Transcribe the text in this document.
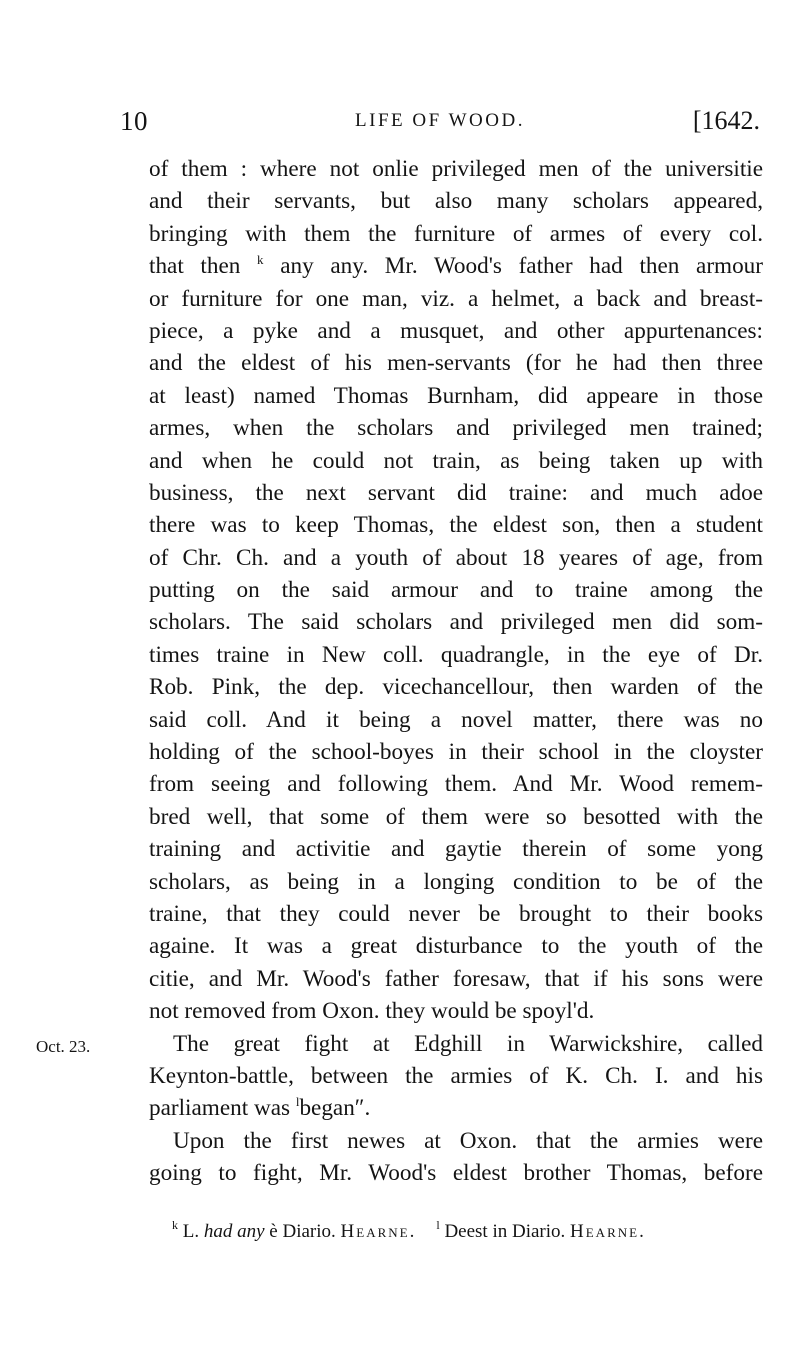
10	LIFE OF WOOD.	[1642.
of them : where not onlie privileged men of the universitie
and their servants, but also many scholars appeared,
bringing with them the furniture of armes of every col.
that then $^k$ any any. Mr. Wood's father had then armour
or furniture for one man, viz. a helmet, a back and breast-
piece, a pyke and a musquet, and other appurtenances:
and the eldest of his men-servants (for he had then three
at least) named Thomas Burnham, did appeare in those
armes, when the scholars and privileged men trained;
and when he could not train, as being taken up with
business, the next servant did traine: and much adoe
there was to keep Thomas, the eldest son, then a student
of Chr. Ch. and a youth of about 18 yeares of age, from
putting on the said armour and to traine among the
scholars. The said scholars and privileged men did som-
times traine in New coll. quadrangle, in the eye of Dr.
Rob. Pink, the dep. vicechancellour, then warden of the
said coll. And it being a novel matter, there was no
holding of the school-boyes in their school in the cloyster
from seeing and following them. And Mr. Wood remem-
bred well, that some of them were so besotted with the
training and activitie and gaytie therein of some yong
scholars, as being in a longing condition to be of the
traine, that they could never be brought to their books
againe. It was a great disturbance to the youth of the
citie, and Mr. Wood's father foresaw, that if his sons were
not removed from Oxon. they would be spoyl'd.
The great fight at Edghill in Warwickshire, called
Keynton-battle, between the armies of K. Ch. I. and his
parliament was $^l$began″.
Upon the first newes at Oxon. that the armies were
going to fight, Mr. Wood's eldest brother Thomas, before
Oct. 23.
$^k$ L. had any è Diario. Hearne. $^l$ Deest in Diario. Hearne.
